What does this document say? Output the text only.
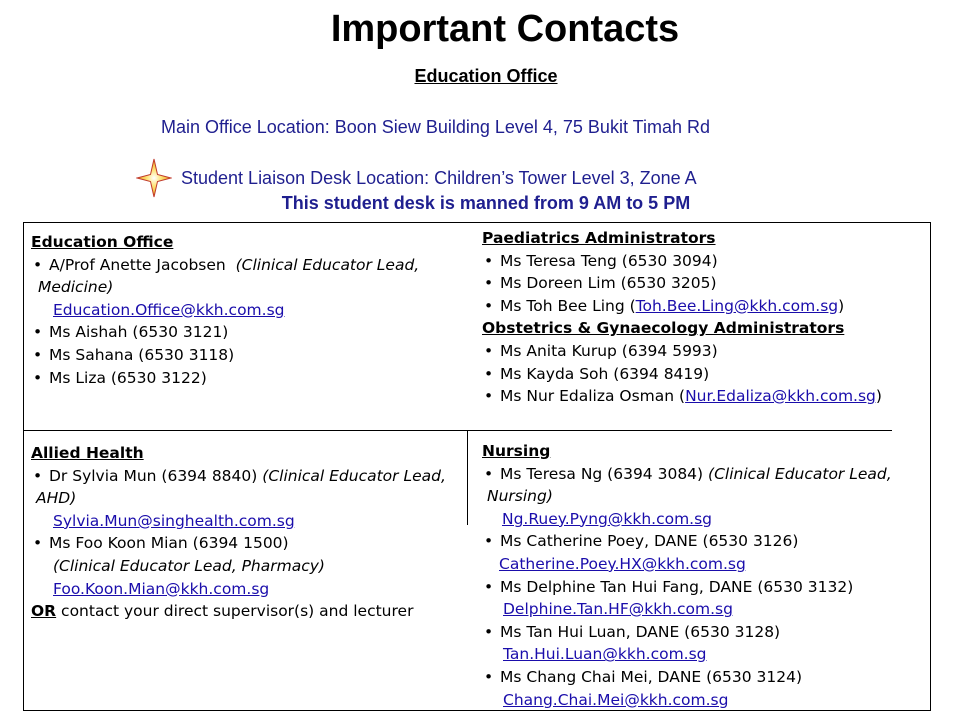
Important Contacts
Education Office
Main Office Location: Boon Siew Building Level 4, 75 Bukit Timah Rd
Student Liaison Desk Location: Children’s Tower Level 3, Zone A
This student desk is manned from 9 AM to 5 PM
Education Office
• A/Prof Anette Jacobsen (Clinical Educator Lead,
Medicine)
Education.Office@kkh.com.sg
• Ms Aishah (6530 3121)
• Ms Sahana (6530 3118)
• Ms Liza (6530 3122)
Paediatrics Administrators
• Ms Teresa Teng (6530 3094)
• Ms Doreen Lim (6530 3205)
• Ms Toh Bee Ling (Toh.Bee.Ling@kkh.com.sg)
Obstetrics & Gynaecology Administrators
• Ms Anita Kurup (6394 5993)
• Ms Kayda Soh (6394 8419)
• Ms Nur Edaliza Osman (Nur.Edaliza@kkh.com.sg)
Allied Health
• Dr Sylvia Mun (6394 8840) (Clinical Educator Lead,
AHD)
Sylvia.Mun@singhealth.com.sg
• Ms Foo Koon Mian (6394 1500)
(Clinical Educator Lead, Pharmacy)
Foo.Koon.Mian@kkh.com.sg
OR contact your direct supervisor(s) and lecturer
Nursing
• Ms Teresa Ng (6394 3084) (Clinical Educator Lead,
Nursing)
Ng.Ruey.Pyng@kkh.com.sg
• Ms Catherine Poey, DANE (6530 3126)
Catherine.Poey.HX@kkh.com.sg
• Ms Delphine Tan Hui Fang, DANE (6530 3132)
Delphine.Tan.HF@kkh.com.sg
• Ms Tan Hui Luan, DANE (6530 3128)
Tan.Hui.Luan@kkh.com.sg
• Ms Chang Chai Mei, DANE (6530 3124)
Chang.Chai.Mei@kkh.com.sg
